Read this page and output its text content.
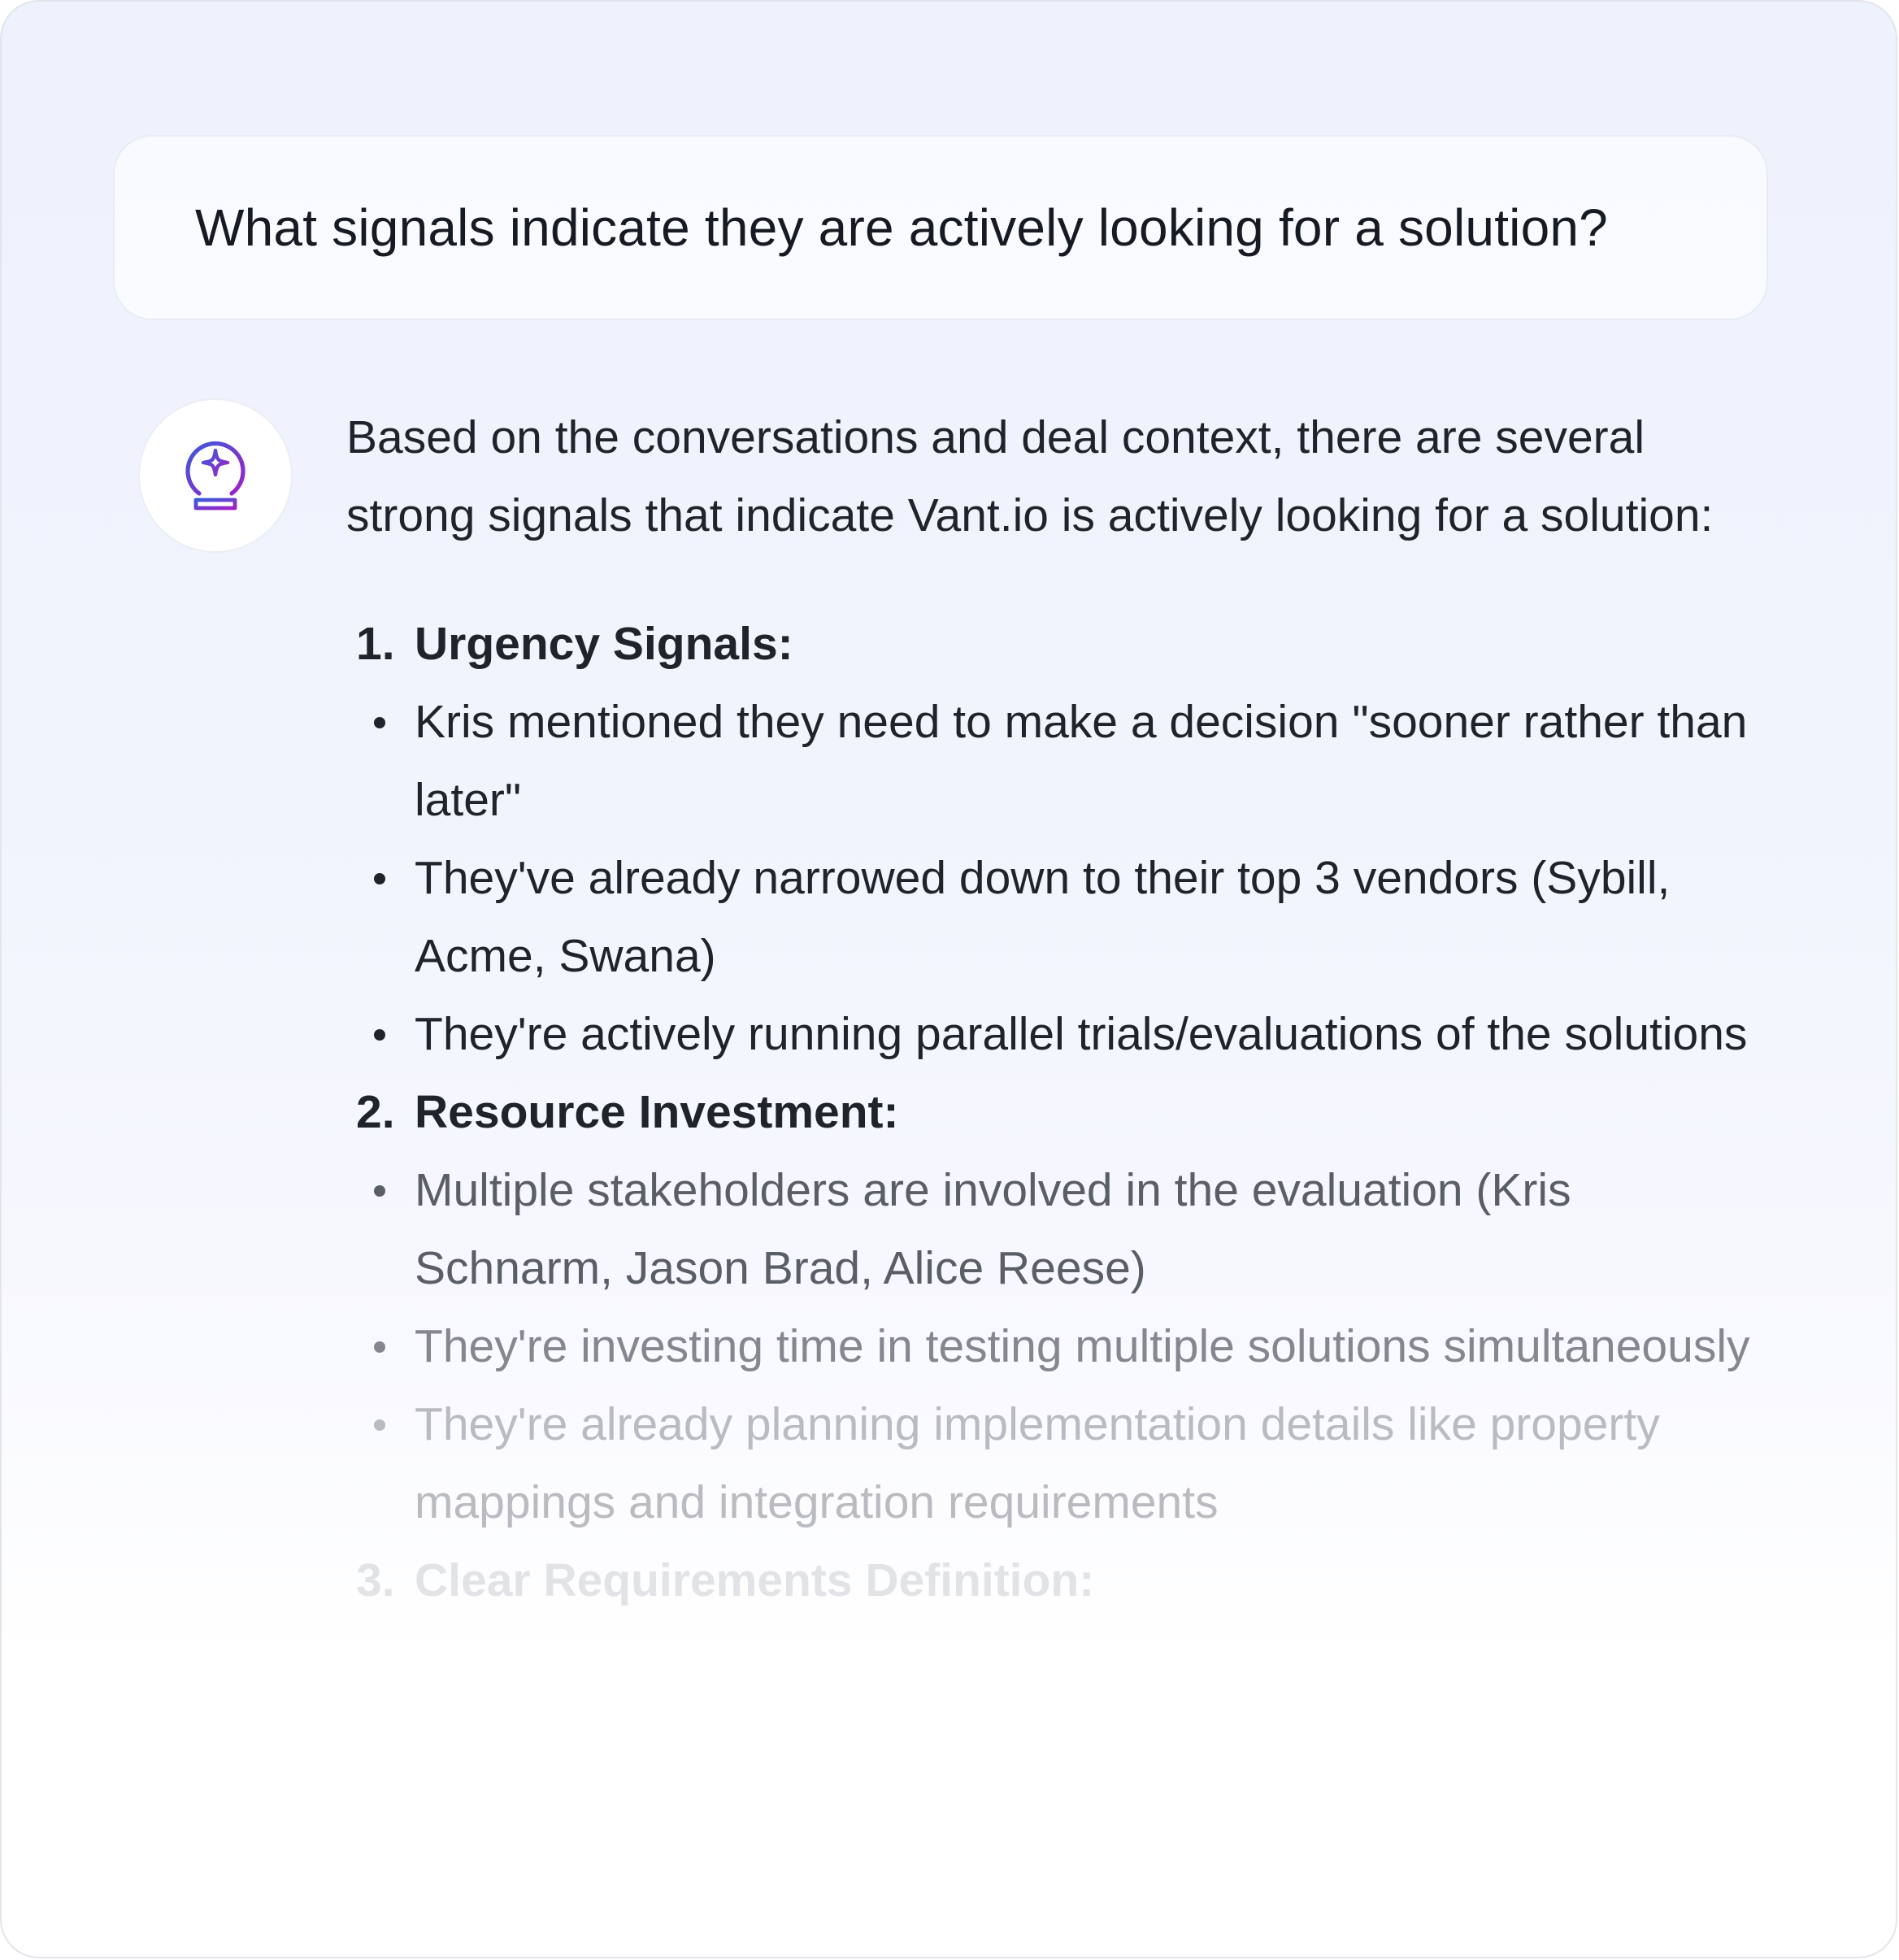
What signals indicate they are actively looking for a solution?

Based on the conversations and deal context, there are several strong signals that indicate Vant.io is actively looking for a solution:

1. Urgency Signals:
Kris mentioned they need to make a decision "sooner rather than later"
They've already narrowed down to their top 3 vendors (Sybill, Acme, Swana)
They're actively running parallel trials/evaluations of the solutions
2. Resource Investment:
Multiple stakeholders are involved in the evaluation (Kris Schnarm, Jason Brad, Alice Reese)
They're investing time in testing multiple solutions simultaneously
They're already planning implementation details like property mappings and integration requirements
3. Clear Requirements Definition:
